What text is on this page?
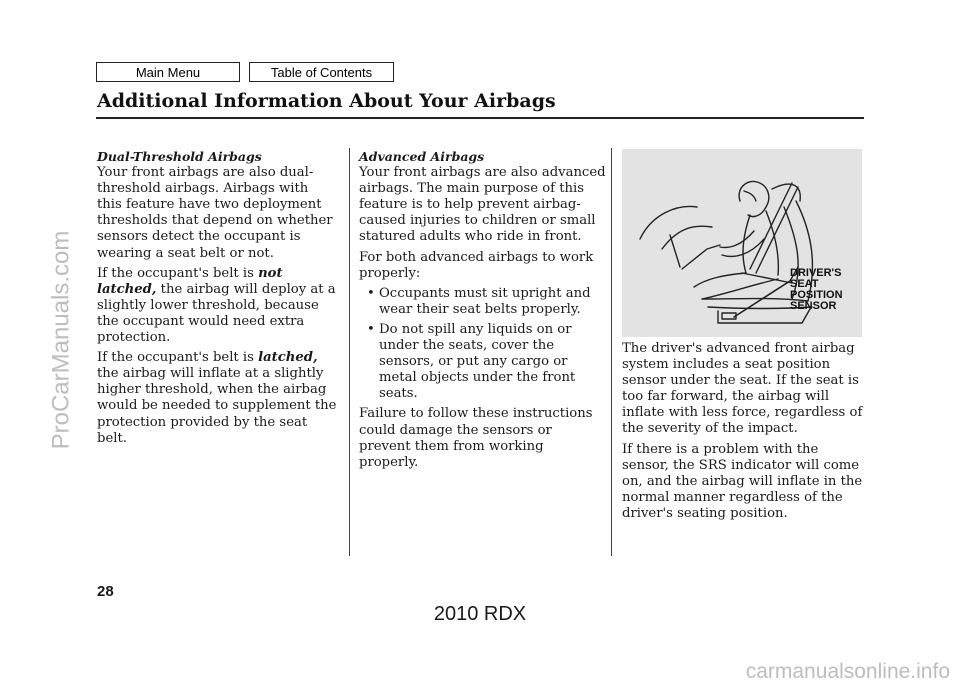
Main Menu	Table of Contents
Additional Information About Your Airbags
Dual-Threshold Airbags

Your front airbags are also dual-threshold airbags. Airbags with this feature have two deployment thresholds that depend on whether sensors detect the occupant is wearing a seat belt or not.

If the occupant's belt is not latched, the airbag will deploy at a slightly lower threshold, because the occupant would need extra protection.

If the occupant's belt is latched, the airbag will inflate at a slightly higher threshold, when the airbag would be needed to supplement the protection provided by the seat belt.

Advanced Airbags

Your front airbags are also advanced airbags. The main purpose of this feature is to help prevent airbag-caused injuries to children or small statured adults who ride in front.

For both advanced airbags to work properly:

• Occupants must sit upright and wear their seat belts properly.
• Do not spill any liquids on or under the seats, cover the sensors, or put any cargo or metal objects under the front seats.

Failure to follow these instructions could damage the sensors or prevent them from working properly.

DRIVER'S
SEAT
POSITION
SENSOR

The driver's advanced front airbag system includes a seat position sensor under the seat. If the seat is too far forward, the airbag will inflate with less force, regardless of the severity of the impact.

If there is a problem with the sensor, the SRS indicator will come on, and the airbag will inflate in the normal manner regardless of the driver's seating position.

28
2010 RDX
ProCarManuals.com
carmanualsonline.info
